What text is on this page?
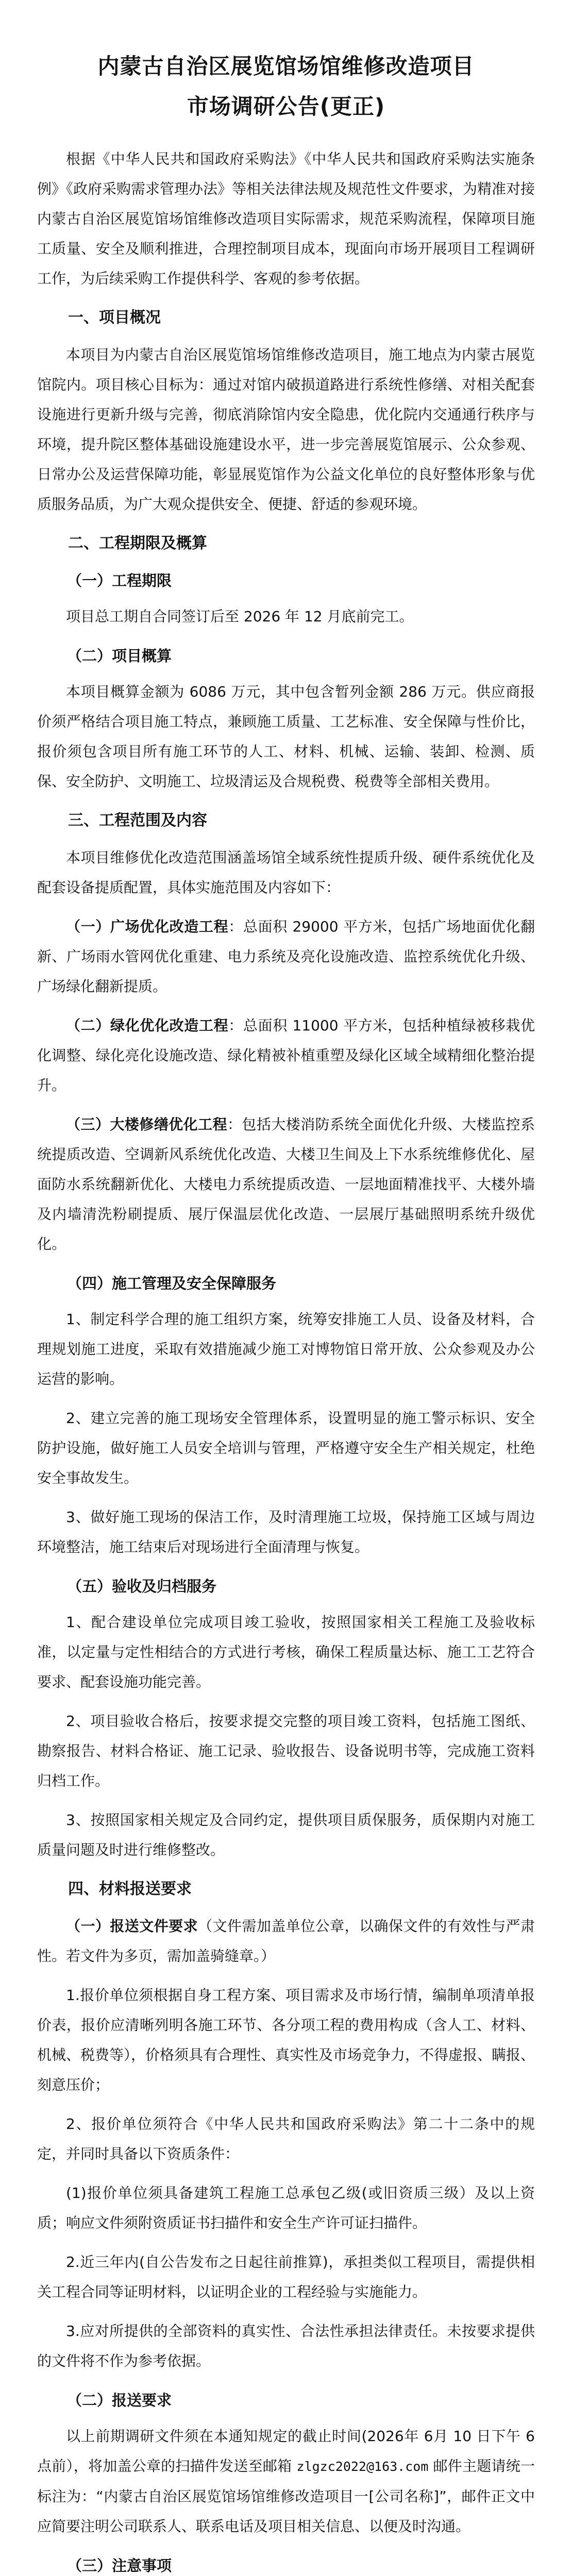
内蒙古自治区展览馆场馆维修改造项目
市场调研公告(更正)

根据《中华人民共和国政府采购法》《中华人民共和国政府采购法实施条例》《政府采购需求管理办法》等相关法律法规及规范性文件要求，为精准对接内蒙古自治区展览馆场馆维修改造项目实际需求，规范采购流程，保障项目施工质量、安全及顺利推进，合理控制项目成本，现面向市场开展项目工程调研工作，为后续采购工作提供科学、客观的参考依据。

一、项目概况

本项目为内蒙古自治区展览馆场馆维修改造项目，施工地点为内蒙古展览馆院内。项目核心目标为：通过对馆内破损道路进行系统性修缮、对相关配套设施进行更新升级与完善，彻底消除馆内安全隐患，优化院内交通通行秩序与环境，提升院区整体基础设施建设水平，进一步完善展览馆展示、公众参观、日常办公及运营保障功能，彰显展览馆作为公益文化单位的良好整体形象与优质服务品质，为广大观众提供安全、便捷、舒适的参观环境。

二、工程期限及概算

（一）工程期限

项目总工期自合同签订后至 2026 年 12 月底前完工。

（二）项目概算

本项目概算金额为 6086 万元，其中包含暂列金额 286 万元。供应商报价须严格结合项目施工特点，兼顾施工质量、工艺标准、安全保障与性价比，报价须包含项目所有施工环节的人工、材料、机械、运输、装卸、检测、质保、安全防护、文明施工、垃圾清运及合规税费、税费等全部相关费用。

三、工程范围及内容

本项目维修优化改造范围涵盖场馆全域系统性提质升级、硬件系统优化及配套设备提质配置，具体实施范围及内容如下：

（一）广场优化改造工程：总面积 29000 平方米，包括广场地面优化翻新、广场雨水管网优化重建、电力系统及亮化设施改造、监控系统优化升级、广场绿化翻新提质。

（二）绿化优化改造工程：总面积 11000 平方米，包括种植绿被移栽优化调整、绿化亮化设施改造、绿化精被补植重塑及绿化区域全域精细化整治提升。

（三）大楼修缮优化工程：包括大楼消防系统全面优化升级、大楼监控系统提质改造、空调新风系统优化改造、大楼卫生间及上下水系统维修优化、屋面防水系统翻新优化、大楼电力系统提质改造、一层地面精准找平、大楼外墙及内墙清洗粉刷提质、展厅保温层优化改造、一层展厅基础照明系统升级优化。

（四）施工管理及安全保障服务

1、制定科学合理的施工组织方案，统筹安排施工人员、设备及材料，合理规划施工进度，采取有效措施减少施工对博物馆日常开放、公众参观及办公运营的影响。

2、建立完善的施工现场安全管理体系，设置明显的施工警示标识、安全防护设施，做好施工人员安全培训与管理，严格遵守安全生产相关规定，杜绝安全事故发生。

3、做好施工现场的保洁工作，及时清理施工垃圾，保持施工区域与周边环境整洁，施工结束后对现场进行全面清理与恢复。

（五）验收及归档服务

1、配合建设单位完成项目竣工验收，按照国家相关工程施工及验收标准，以定量与定性相结合的方式进行考核，确保工程质量达标、施工工艺符合要求、配套设施功能完善。

2、项目验收合格后，按要求提交完整的项目竣工资料，包括施工图纸、勘察报告、材料合格证、施工记录、验收报告、设备说明书等，完成施工资料归档工作。

3、按照国家相关规定及合同约定，提供项目质保服务，质保期内对施工质量问题及时进行维修整改。

四、材料报送要求

（一）报送文件要求（文件需加盖单位公章，以确保文件的有效性与严肃性。若文件为多页，需加盖骑缝章。）

1.报价单位须根据自身工程方案、项目需求及市场行情，编制单项清单报价表，报价应清晰列明各施工环节、各分项工程的费用构成（含人工、材料、机械、税费等），价格须具有合理性、真实性及市场竞争力，不得虚报、瞒报、刻意压价；

2、报价单位须符合《中华人民共和国政府采购法》第二十二条中的规定，并同时具备以下资质条件：

(1)报价单位须具备建筑工程施工总承包乙级(或旧资质三级）及以上资质；响应文件须附资质证书扫描件和安全生产许可证扫描件。

2.近三年内(自公告发布之日起往前推算)，承担类似工程项目，需提供相关工程合同等证明材料，以证明企业的工程经验与实施能力。

3.应对所提供的全部资料的真实性、合法性承担法律责任。未按要求提供的文件将不作为参考依据。

（二）报送要求

以上前期调研文件须在本通知规定的截止时间(2026年 6月 10 日下午 6 点前），将加盖公章的扫描件发送至邮箱 zlgzc2022@163.com 邮件主题请统一标注为：“内蒙古自治区展览馆场馆维修改造项目一[公司名称]”，邮件正文中应简要注明公司联系人、联系电话及项目相关信息、以便及时沟通。

（三）注意事项
